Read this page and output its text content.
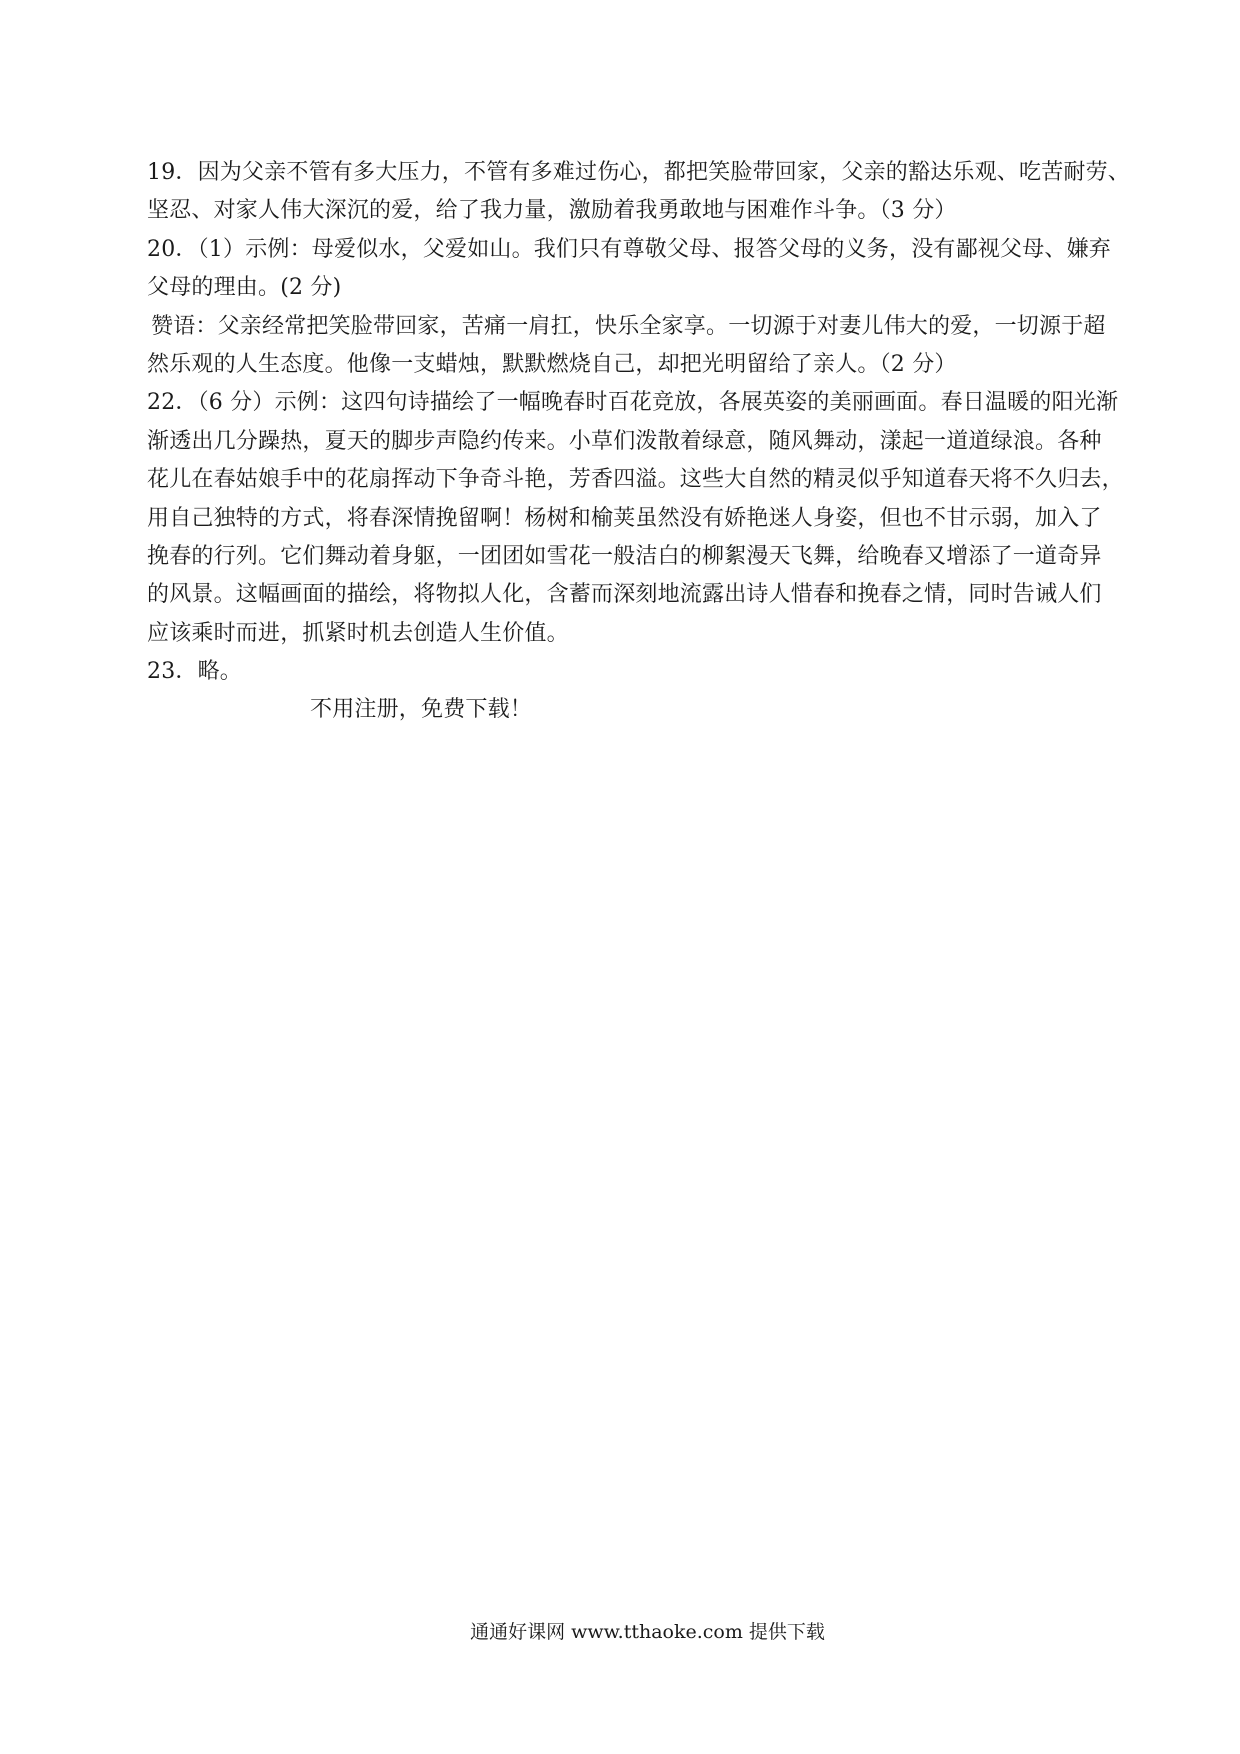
19．因为父亲不管有多大压力，不管有多难过伤心，都把笑脸带回家，父亲的豁达乐观、吃苦耐劳、
坚忍、对家人伟大深沉的爱，给了我力量，激励着我勇敢地与困难作斗争。（3 分）
20．（1）示例：母爱似水，父爱如山。我们只有尊敬父母、报答父母的义务，没有鄙视父母、嫌弃
父母的理由。(2 分)
赞语：父亲经常把笑脸带回家，苦痛一肩扛，快乐全家享。一切源于对妻儿伟大的爱，一切源于超
然乐观的人生态度。他像一支蜡烛，默默燃烧自己，却把光明留给了亲人。（2 分）
22．（6 分）示例：这四句诗描绘了一幅晚春时百花竞放，各展英姿的美丽画面。春日温暖的阳光渐
渐透出几分躁热，夏天的脚步声隐约传来。小草们泼散着绿意，随风舞动，漾起一道道绿浪。各种
花儿在春姑娘手中的花扇挥动下争奇斗艳，芳香四溢。这些大自然的精灵似乎知道春天将不久归去，
用自己独特的方式，将春深情挽留啊！杨树和榆荚虽然没有娇艳迷人身姿，但也不甘示弱，加入了
挽春的行列。它们舞动着身躯，一团团如雪花一般洁白的柳絮漫天飞舞，给晚春又增添了一道奇异
的风景。这幅画面的描绘，将物拟人化，含蓄而深刻地流露出诗人惜春和挽春之情，同时告诫人们
应该乘时而进，抓紧时机去创造人生价值。
23．略。
不用注册，免费下载！
通通好课网 www.tthaoke.com 提供下载
